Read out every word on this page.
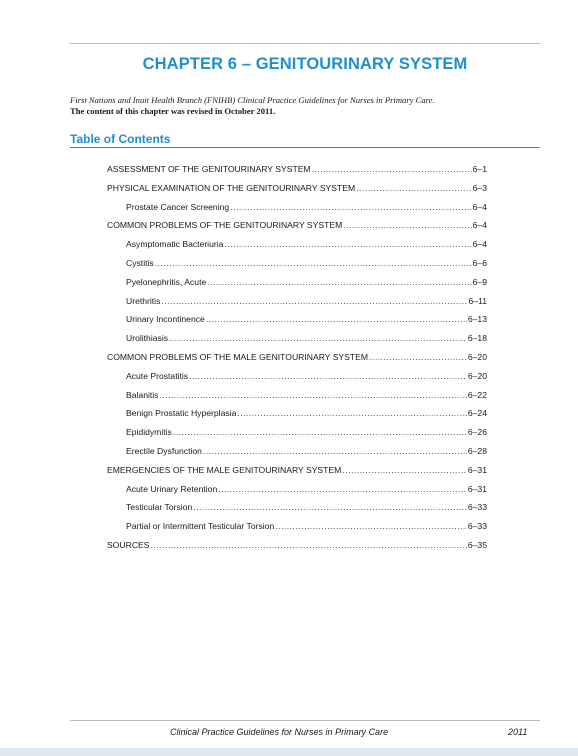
CHAPTER 6 – GENITOURINARY SYSTEM
First Nations and Inuit Health Branch (FNIHB) Clinical Practice Guidelines for Nurses in Primary Care.
The content of this chapter was revised in October 2011.
Table of Contents
ASSESSMENT OF THE GENITOURINARY SYSTEM .....	6–1
PHYSICAL EXAMINATION OF THE GENITOURINARY SYSTEM .....	6–3
Prostate Cancer Screening .....	6–4
COMMON PROBLEMS OF THE GENITOURINARY SYSTEM .....	6–4
Asymptomatic Bacteriuria .....	6–4
Cystitis .....	6–6
Pyelonephritis, Acute .....	6–9
Urethritis .....	6–11
Urinary Incontinence .....	6–13
Urolithiasis .....	6–18
COMMON PROBLEMS OF THE MALE GENITOURINARY SYSTEM .....	6–20
Acute Prostatitis .....	6–20
Balanitis .....	6–22
Benign Prostatic Hyperplasia .....	6–24
Epididymitis .....	6–26
Erectile Dysfunction .....	6–28
EMERGENCIES OF THE MALE GENITOURINARY SYSTEM .....	6–31
Acute Urinary Retention .....	6–31
Testicular Torsion .....	6–33
Partial or Intermittent Testicular Torsion .....	6–33
SOURCES .....	6–35
Clinical Practice Guidelines for Nurses in Primary Care	2011
